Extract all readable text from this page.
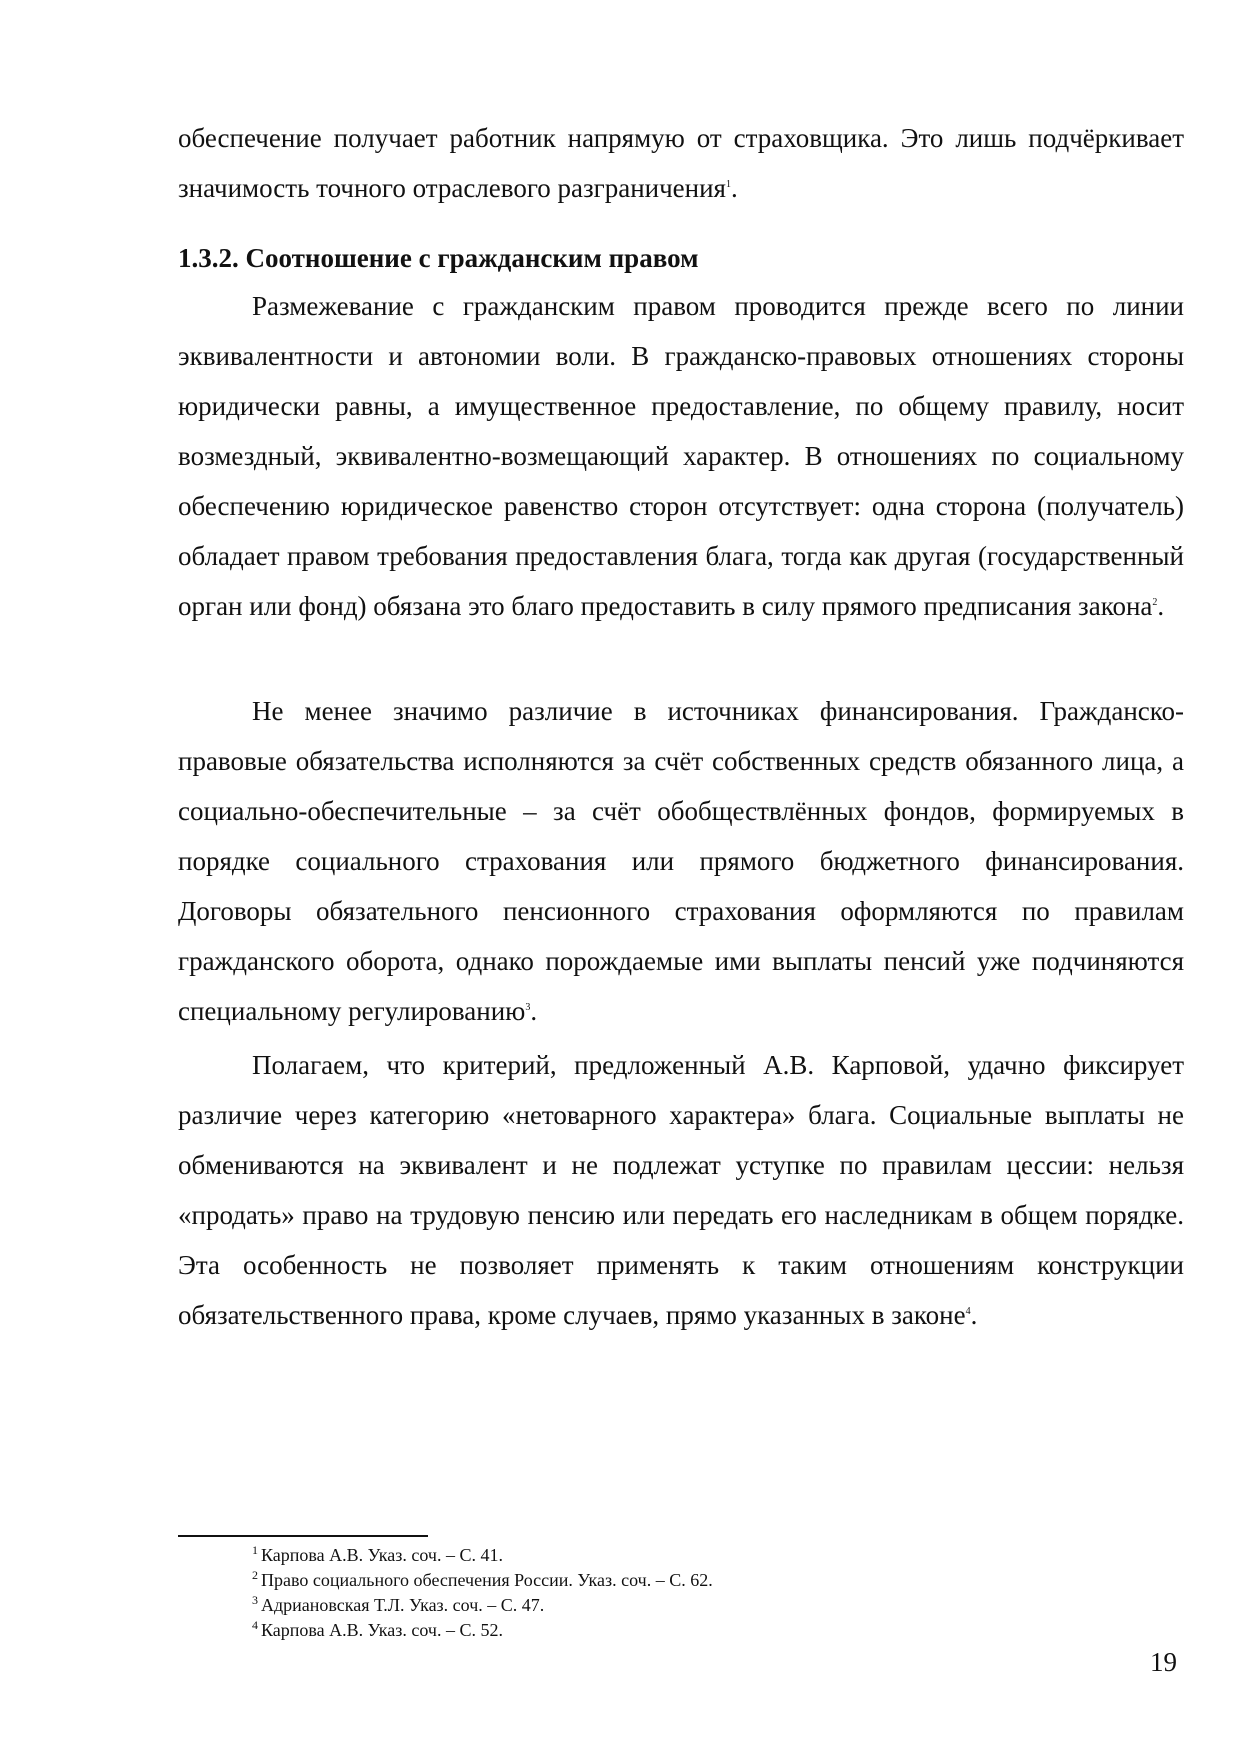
обеспечение получает работник напрямую от страховщика. Это лишь подчёркивает значимость точного отраслевого разграничения$^1$.

1.3.2. Соотношение с гражданским правом

Размежевание с гражданским правом проводится прежде всего по линии эквивалентности и автономии воли. В гражданско-правовых отношениях стороны юридически равны, а имущественное предоставление, по общему правилу, носит возмездный, эквивалентно-возмещающий характер. В отношениях по социальному обеспечению юридическое равенство сторон отсутствует: одна сторона (получатель) обладает правом требования предоставления блага, тогда как другая (государственный орган или фонд) обязана это благо предоставить в силу прямого предписания закона$^2$.

Не менее значимо различие в источниках финансирования. Гражданско-правовые обязательства исполняются за счёт собственных средств обязанного лица, а социально-обеспечительные – за счёт обобществлённых фондов, формируемых в порядке социального страхования или прямого бюджетного финансирования. Договоры обязательного пенсионного страхования оформляются по правилам гражданского оборота, однако порождаемые ими выплаты пенсий уже подчиняются специальному регулированию$^3$.

Полагаем, что критерий, предложенный А.В. Карповой, удачно фиксирует различие через категорию «нетоварного характера» блага. Социальные выплаты не обмениваются на эквивалент и не подлежат уступке по правилам цессии: нельзя «продать» право на трудовую пенсию или передать его наследникам в общем порядке. Эта особенность не позволяет применять к таким отношениям конструкции обязательственного права, кроме случаев, прямо указанных в законе$^4$.

$^1$ Карпова А.В. Указ. соч. – С. 41.

$^2$ Право социального обеспечения России. Указ. соч. – С. 62.

$^3$ Адриановская Т.Л. Указ. соч. – С. 47.

$^4$ Карпова А.В. Указ. соч. – С. 52.

19
